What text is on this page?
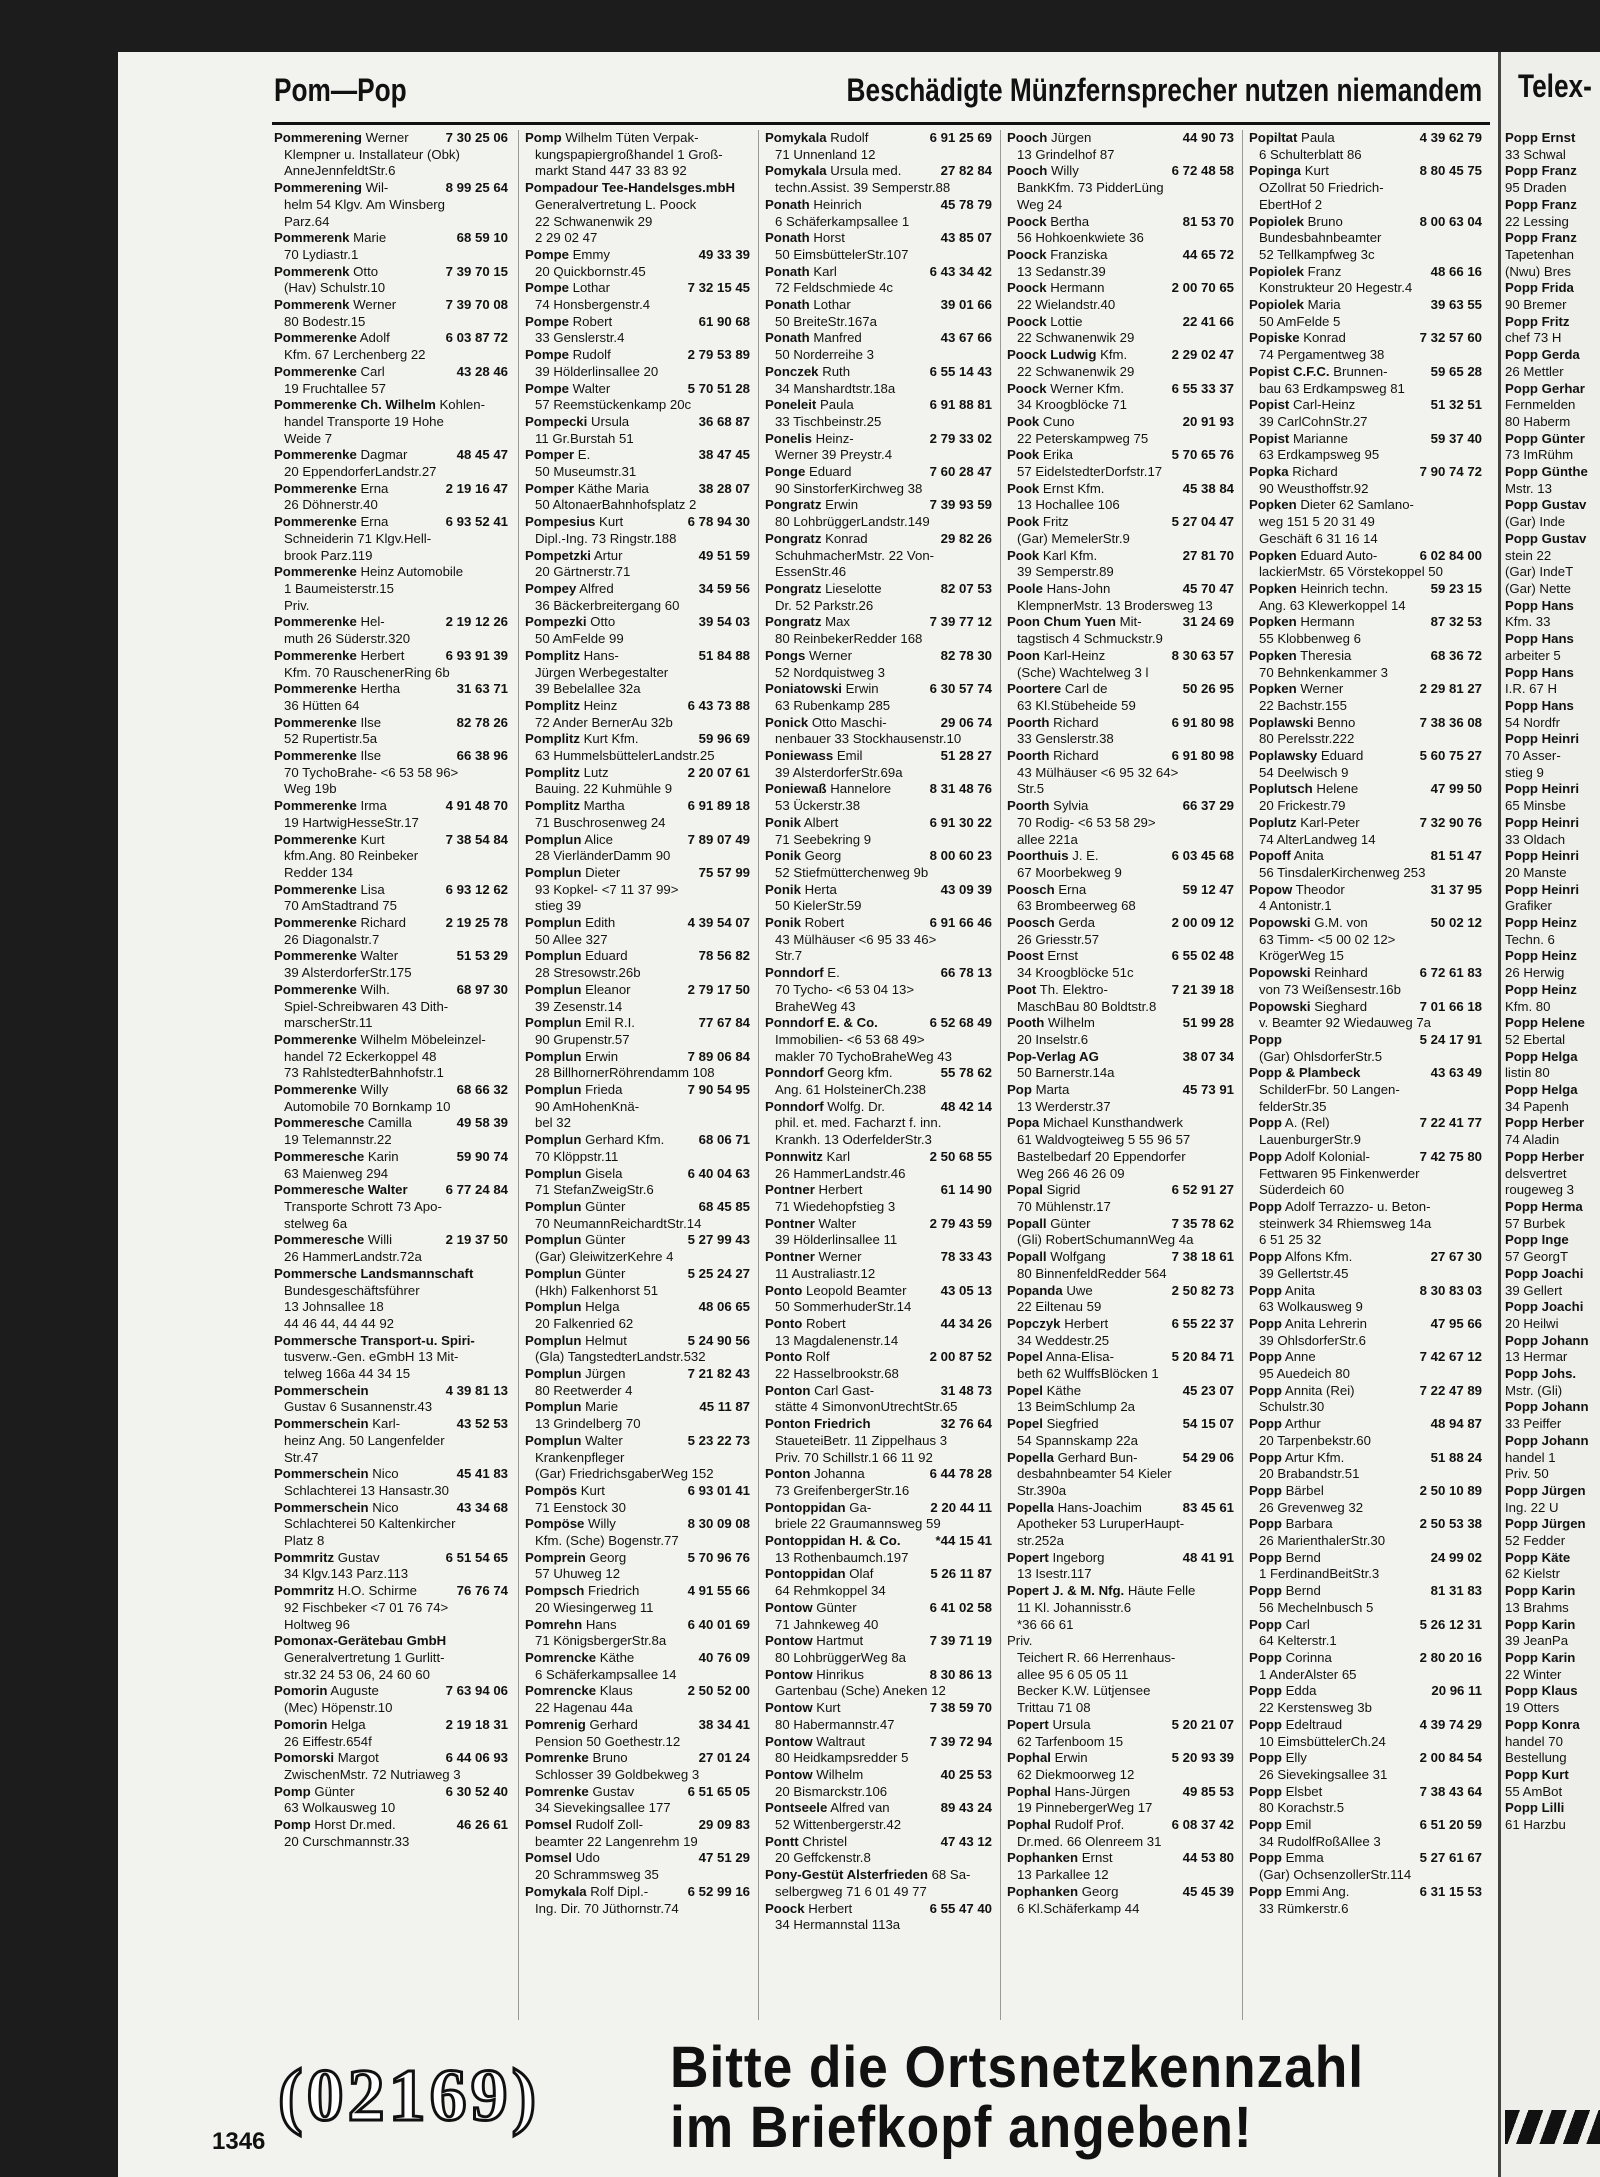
Pom—Pop	Beschädigte Münzfernsprecher nutzen niemandem Telex-
Pommerening Werner	7 30 25 06
Klempner u. Installateur (Obk)
AnneJennfeldtStr.6
Pommerening Wil-	8 99 25 64
helm 54 Klgv. Am Winsberg
Parz.64
Pommerenk Marie	68 59 10
70 Lydiastr.1
Pommerenk Otto	7 39 70 15
(Hav) Schulstr.10
Pommerenk Werner	7 39 70 08
80 Bodestr.15
Pommerenke Adolf	6 03 87 72
Kfm. 67 Lerchenberg 22
Pommerenke Carl	43 28 46
19 Fruchtallee 57
Pommerenke Ch. Wilhelm Kohlen-
handel Transporte 19 Hohe
Weide 7
Pommerenke Dagmar	48 45 47
20 EppendorferLandstr.27
Pommerenke Erna	2 19 16 47
26 Döhnerstr.40
Pommerenke Erna	6 93 52 41
Schneiderin 71 Klgv.Hell-
brook Parz.119
Pommerenke Heinz Automobile
1 Baumeisterstr.15
Priv.
Pommerenke Hel-	2 19 12 26
muth 26 Süderstr.320
Pommerenke Herbert	6 93 91 39
Kfm. 70 RauschenerRing 6b
Pommerenke Hertha	31 63 71
36 Hütten 64
Pommerenke Ilse	82 78 26
52 Rupertistr.5a
Pommerenke Ilse	66 38 96
70 TychoBrahe- <6 53 58 96>
Weg 19b
Pommerenke Irma	4 91 48 70
19 HartwigHesseStr.17
Pommerenke Kurt	7 38 54 84
kfm.Ang. 80 Reinbeker
Redder 134
Pommerenke Lisa	6 93 12 62
70 AmStadtrand 75
Pommerenke Richard	2 19 25 78
26 Diagonalstr.7
Pommerenke Walter	51 53 29
39 AlsterdorferStr.175
Pommerenke Wilh.	68 97 30
Spiel-Schreibwaren 43 Dith-
marscherStr.11
Pommerenke Wilhelm Möbeleinzel-
handel 72 Eckerkoppel 48
73 RahlstedterBahnhofstr.1
Pommerenke Willy	68 66 32
Automobile 70 Bornkamp 10
Pommeresche Camilla	49 58 39
19 Telemannstr.22
Pommeresche Karin	59 90 74
63 Maienweg 294
Pommeresche Walter	6 77 24 84
Transporte Schrott 73 Apo-
stelweg 6a
Pommeresche Willi	2 19 37 50
26 HammerLandstr.72a
Pommersche Landsmannschaft
Bundesgeschäftsführer
13 Johnsallee 18
44 46 44, 44 44 92
Pommersche Transport-u. Spiri-
tusverw.-Gen. eGmbH 13 Mit-
telweg 166a 44 34 15
Pommerschein	4 39 81 13
Gustav 6 Susannenstr.43
Pommerschein Karl-	43 52 53
heinz Ang. 50 Langenfelder
Str.47
Pommerschein Nico	45 41 83
Schlachterei 13 Hansastr.30
Pommerschein Nico	43 34 68
Schlachterei 50 Kaltenkircher
Platz 8
Pommritz Gustav	6 51 54 65
34 Klgv.143 Parz.113
Pommritz H.O. Schirme	76 76 74
92 Fischbeker <7 01 76 74>
Holtweg 96
Pomonax-Gerätebau GmbH
Generalvertretung 1 Gurlitt-
str.32 24 53 06, 24 60 60
Pomorin Auguste	7 63 94 06
(Mec) Höpenstr.10
Pomorin Helga	2 19 18 31
26 Eiffestr.654f
Pomorski Margot	6 44 06 93
ZwischenMstr. 72 Nutriaweg 3
Pomp Günter	6 30 52 40
63 Wolkausweg 10
Pomp Horst Dr.med.	46 26 61
20 Curschmannstr.33
Pomp Wilhelm Tüten Verpak-
kungspapiergroßhandel 1 Groß-
markt Stand 447 33 83 92
Pompadour Tee-Handelsges.mbH
Generalvertretung L. Poock
22 Schwanenwik 29
2 29 02 47
Pompe Emmy	49 33 39
20 Quickbornstr.45
Pompe Lothar	7 32 15 45
74 Honsbergenstr.4
Pompe Robert	61 90 68
33 Genslerstr.4
Pompe Rudolf	2 79 53 89
39 Hölderlinsallee 20
Pompe Walter	5 70 51 28
57 Reemstückenkamp 20c
Pompecki Ursula	36 68 87
11 Gr.Burstah 51
Pomper E.	38 47 45
50 Museumstr.31
Pomper Käthe Maria	38 28 07
50 AltonaerBahnhofsplatz 2
Pompesius Kurt	6 78 94 30
Dipl.-Ing. 73 Ringstr.188
Pompetzki Artur	49 51 59
20 Gärtnerstr.71
Pompey Alfred	34 59 56
36 Bäckerbreitergang 60
Pompezki Otto	39 54 03
50 AmFelde 99
Pomplitz Hans-	51 84 88
Jürgen Werbegestalter
39 Bebelallee 32a
Pomplitz Heinz	6 43 73 88
72 Ander BernerAu 32b
Pomplitz Kurt Kfm.	59 96 69
63 HummelsbüttelerLandstr.25
Pomplitz Lutz	2 20 07 61
Bauing. 22 Kuhmühle 9
Pomplitz Martha	6 91 89 18
71 Buschrosenweg 24
Pomplun Alice	7 89 07 49
28 VierländerDamm 90
Pomplun Dieter	75 57 99
93 Kopkel- <7 11 37 99>
stieg 39
Pomplun Edith	4 39 54 07
50 Allee 327
Pomplun Eduard	78 56 82
28 Stresowstr.26b
Pomplun Eleanor	2 79 17 50
39 Zesenstr.14
Pomplun Emil R.I.	77 67 84
90 Grupenstr.57
Pomplun Erwin	7 89 06 84
28 BillhornerRöhrendamm 108
Pomplun Frieda	7 90 54 95
90 AmHohenKnä-
bel 32
Pomplun Gerhard Kfm.	68 06 71
70 Klöppstr.11
Pomplun Gisela	6 40 04 63
71 StefanZweigStr.6
Pomplun Günter	68 45 85
70 NeumannReichardtStr.14
Pomplun Günter	5 27 99 43
(Gar) GleiwitzerKehre 4
Pomplun Günter	5 25 24 27
(Hkh) Falkenhorst 51
Pomplun Helga	48 06 65
20 Falkenried 62
Pomplun Helmut	5 24 90 56
(Gla) TangstedterLandstr.532
Pomplun Jürgen	7 21 82 43
80 Reetwerder 4
Pomplun Marie	45 11 87
13 Grindelberg 70
Pomplun Walter	5 23 22 73
Krankenpfleger
(Gar) FriedrichsgaberWeg 152
Pompös Kurt	6 93 01 41
71 Eenstock 30
Pompöse Willy	8 30 09 08
Kfm. (Sche) Bogenstr.77
Pomprein Georg	5 70 96 76
57 Uhuweg 12
Pompsch Friedrich	4 91 55 66
20 Wiesingerweg 11
Pomrehn Hans	6 40 01 69
71 KönigsbergerStr.8a
Pomrencke Käthe	40 76 09
6 Schäferkampsallee 14
Pomrencke Klaus	2 50 52 00
22 Hagenau 44a
Pomrenig Gerhard	38 34 41
Pension 50 Goethestr.12
Pomrenke Bruno	27 01 24
Schlosser 39 Goldbekweg 3
Pomrenke Gustav	6 51 65 05
34 Sievekingsallee 177
Pomsel Rudolf Zoll-	29 09 83
beamter 22 Langenrehm 19
Pomsel Udo	47 51 29
20 Schrammsweg 35
Pomykala Rolf Dipl.-	6 52 99 16
Ing. Dir. 70 Jüthornstr.74
Pomykala Rudolf	6 91 25 69
71 Unnenland 12
Pomykala Ursula med.	27 82 84
techn.Assist. 39 Semperstr.88
Ponath Heinrich	45 78 79
6 Schäferkampsallee 1
Ponath Horst	43 85 07
50 EimsbüttelerStr.107
Ponath Karl	6 43 34 42
72 Feldschmiede 4c
Ponath Lothar	39 01 66
50 BreiteStr.167a
Ponath Manfred	43 67 66
50 Norderreihe 3
Ponczek Ruth	6 55 14 43
34 Manshardtstr.18a
Poneleit Paula	6 91 88 81
33 Tischbeinstr.25
Ponelis Heinz-	2 79 33 02
Werner 39 Preystr.4
Ponge Eduard	7 60 28 47
90 SinstorferKirchweg 38
Pongratz Erwin	7 39 93 59
80 LohbrüggerLandstr.149
Pongratz Konrad	29 82 26
SchuhmacherMstr. 22 Von-
EssenStr.46
Pongratz Lieselotte	82 07 53
Dr. 52 Parkstr.26
Pongratz Max	7 39 77 12
80 ReinbekerRedder 168
Pongs Werner	82 78 30
52 Nordquistweg 3
Poniatowski Erwin	6 30 57 74
63 Rubenkamp 285
Ponick Otto Maschi-	29 06 74
nenbauer 33 Stockhausenstr.10
Poniewass Emil	51 28 27
39 AlsterdorferStr.69a
Poniewaß Hannelore	8 31 48 76
53 Ückerstr.38
Ponik Albert	6 91 30 22
71 Seebekring 9
Ponik Georg	8 00 60 23
52 Stiefmütterchenweg 9b
Ponik Herta	43 09 39
50 KielerStr.59
Ponik Robert	6 91 66 46
43 Mülhäuser <6 95 33 46>
Str.7
Ponndorf E.	66 78 13
70 Tycho- <6 53 04 13>
BraheWeg 43
Ponndorf E. & Co.	6 52 68 49
Immobilien- <6 53 68 49>
makler 70 TychoBraheWeg 43
Ponndorf Georg kfm.	55 78 62
Ang. 61 HolsteinerCh.238
Ponndorf Wolfg. Dr.	48 42 14
phil. et. med. Facharzt f. inn.
Krankh. 13 OderfelderStr.3
Ponnwitz Karl	2 50 68 55
26 HammerLandstr.46
Pontner Herbert	61 14 90
71 Wiedehopfstieg 3
Pontner Walter	2 79 43 59
39 Hölderlinsallee 11
Pontner Werner	78 33 43
11 Australiastr.12
Ponto Leopold Beamter	43 05 13
50 SommerhuderStr.14
Ponto Robert	44 34 26
13 Magdalenenstr.14
Ponto Rolf	2 00 87 52
22 Hasselbrookstr.68
Ponton Carl Gast-	31 48 73
stätte 4 SimonvonUtrechtStr.65
Ponton Friedrich	32 76 64
StaueteiBetr. 11 Zippelhaus 3
Priv. 70 Schillstr.1 66 11 92
Ponton Johanna	6 44 78 28
73 GreifenbergerStr.16
Pontoppidan Ga-	2 20 44 11
briele 22 Graumannsweg 59
Pontoppidan H. & Co.	*44 15 41
13 Rothenbaumch.197
Pontoppidan Olaf	5 26 11 87
64 Rehmkoppel 34
Pontow Günter	6 41 02 58
71 Jahnkeweg 40
Pontow Hartmut	7 39 71 19
80 LohbrüggerWeg 8a
Pontow Hinrikus	8 30 86 13
Gartenbau (Sche) Aneken 12
Pontow Kurt	7 38 59 70
80 Habermannstr.47
Pontow Waltraut	7 39 72 94
80 Heidkampsredder 5
Pontow Wilhelm	40 25 53
20 Bismarckstr.106
Pontseele Alfred van	89 43 24
52 Wittenbergerstr.42
Pontt Christel	47 43 12
20 Geffckenstr.8
Pony-Gestüt Alsterfrieden 68 Sa-
selbergweg 71 6 01 49 77
Poock Herbert	6 55 47 40
34 Hermannstal 113a
Pooch Jürgen	44 90 73
13 Grindelhof 87
Pooch Willy	6 72 48 58
BankKfm. 73 PidderLüng
Weg 24
Poock Bertha	81 53 70
56 Hohkoenkwiete 36
Poock Franziska	44 65 72
13 Sedanstr.39
Poock Hermann	2 00 70 65
22 Wielandstr.40
Poock Lottie	22 41 66
22 Schwanenwik 29
Poock Ludwig Kfm.	2 29 02 47
22 Schwanenwik 29
Poock Werner Kfm.	6 55 33 37
34 Kroogblöcke 71
Pook Cuno	20 91 93
22 Peterskampweg 75
Pook Erika	5 70 65 76
57 EidelstedterDorfstr.17
Pook Ernst Kfm.	45 38 84
13 Hochallee 106
Pook Fritz	5 27 04 47
(Gar) MemelerStr.9
Pook Karl Kfm.	27 81 70
39 Semperstr.89
Poole Hans-John	45 70 47
KlempnerMstr. 13 Brodersweg 13
Poon Chum Yuen Mit-	31 24 69
tagstisch 4 Schmuckstr.9
Poon Karl-Heinz	8 30 63 57
(Sche) Wachtelweg 3 l
Poortere Carl de	50 26 95
63 Kl.Stübeheide 59
Poorth Richard	6 91 80 98
33 Genslerstr.38
Poorth Richard	6 91 80 98
43 Mülhäuser <6 95 32 64>
Str.5
Poorth Sylvia	66 37 29
70 Rodig- <6 53 58 29>
allee 221a
Poorthuis J. E.	6 03 45 68
67 Moorbekweg 9
Poosch Erna	59 12 47
63 Brombeerweg 68
Poosch Gerda	2 00 09 12
26 Griesstr.57
Poost Ernst	6 55 02 48
34 Kroogblöcke 51c
Poot Th. Elektro-	7 21 39 18
MaschBau 80 Boldtstr.8
Pooth Wilhelm	51 99 28
20 Inselstr.6
Pop-Verlag AG	38 07 34
50 Barnerstr.14a
Pop Marta	45 73 91
13 Werderstr.37
Popa Michael Kunsthandwerk
61 Waldvogteiweg 5 55 96 57
Bastelbedarf 20 Eppendorfer
Weg 266 46 26 09
Popal Sigrid	6 52 91 27
70 Mühlenstr.17
Popall Günter	7 35 78 62
(Gli) RobertSchumannWeg 4a
Popall Wolfgang	7 38 18 61
80 BinnenfeldRedder 564
Popanda Uwe	2 50 82 73
22 Eiltenau 59
Popczyk Herbert	6 55 22 37
34 Weddestr.25
Popel Anna-Elisa-	5 20 84 71
beth 62 WulffsBlöcken 1
Popel Käthe	45 23 07
13 BeimSchlump 2a
Popel Siegfried	54 15 07
54 Spannskamp 22a
Popella Gerhard Bun-	54 29 06
desbahnbeamter 54 Kieler
Str.390a
Popella Hans-Joachim	83 45 61
Apotheker 53 LuruperHaupt-
str.252a
Popert Ingeborg	48 41 91
13 Isestr.117
Popert J. & M. Nfg. Häute Felle
11 Kl. Johannisstr.6
*36 66 61
Priv.
Teichert R. 66 Herrenhaus-
allee 95 6 05 05 11
Becker K.W. Lütjensee
Trittau 71 08
Popert Ursula	5 20 21 07
62 Tarfenboom 15
Pophal Erwin	5 20 93 39
62 Diekmoorweg 12
Pophal Hans-Jürgen	49 85 53
19 PinnebergerWeg 17
Pophal Rudolf Prof.	6 08 37 42
Dr.med. 66 Olenreem 31
Pophanken Ernst	44 53 80
13 Parkallee 12
Pophanken Georg	45 45 39
6 Kl.Schäferkamp 44
Popiltat Paula	4 39 62 79
6 Schulterblatt 86
Popinga Kurt	8 80 45 75
OZollrat 50 Friedrich-
EbertHof 2
Popiolek Bruno	8 00 63 04
Bundesbahnbeamter
52 Tellkampfweg 3c
Popiolek Franz	48 66 16
Konstrukteur 20 Hegestr.4
Popiolek Maria	39 63 55
50 AmFelde 5
Popiske Konrad	7 32 57 60
74 Pergamentweg 38
Popist C.F.C. Brunnen-	59 65 28
bau 63 Erdkampsweg 81
Popist Carl-Heinz	51 32 51
39 CarlCohnStr.27
Popist Marianne	59 37 40
63 Erdkampsweg 95
Popka Richard	7 90 74 72
90 Weusthoffstr.92
Popken Dieter 62 Samlano-
weg 151 5 20 31 49
Geschäft 6 31 16 14
Popken Eduard Auto-	6 02 84 00
lackierMstr. 65 Vörstekoppel 50
Popken Heinrich techn.	59 23 15
Ang. 63 Klewerkoppel 14
Popken Hermann	87 32 53
55 Klobbenweg 6
Popken Theresia	68 36 72
70 Behnkenkammer 3
Popken Werner	2 29 81 27
22 Bachstr.155
Poplawski Benno	7 38 36 08
80 Perelsstr.222
Poplawsky Eduard	5 60 75 27
54 Deelwisch 9
Poplutsch Helene	47 99 50
20 Frickestr.79
Poplutz Karl-Peter	7 32 90 76
74 AlterLandweg 14
Popoff Anita	81 51 47
56 TinsdalerKirchenweg 253
Popow Theodor	31 37 95
4 Antonistr.1
Popowski G.M. von	50 02 12
63 Timm- <5 00 02 12>
KrögerWeg 15
Popowski Reinhard	6 72 61 83
von 73 Weißensestr.16b
Popowski Sieghard	7 01 66 18
v. Beamter 92 Wiedauweg 7a
Popp	5 24 17 91
(Gar) OhlsdorferStr.5
Popp & Plambeck	43 63 49
SchilderFbr. 50 Langen-
felderStr.35
Popp A. (Rel)	7 22 41 77
LauenburgerStr.9
Popp Adolf Kolonial-	7 42 75 80
Fettwaren 95 Finkenwerder
Süderdeich 60
Popp Adolf Terrazzo- u. Beton-
steinwerk 34 Rhiemsweg 14a
6 51 25 32
Popp Alfons Kfm.	27 67 30
39 Gellertstr.45
Popp Anita	8 30 83 03
63 Wolkausweg 9
Popp Anita Lehrerin	47 95 66
39 OhlsdorferStr.6
Popp Anne	7 42 67 12
95 Auedeich 80
Popp Annita (Rei)	7 22 47 89
Schulstr.30
Popp Arthur	48 94 87
20 Tarpenbekstr.60
Popp Artur Kfm.	51 88 24
20 Brabandstr.51
Popp Bärbel	2 50 10 89
26 Grevenweg 32
Popp Barbara	2 50 53 38
26 MarienthalerStr.30
Popp Bernd	24 99 02
1 FerdinandBeitStr.3
Popp Bernd	81 31 83
56 Mechelnbusch 5
Popp Carl	5 26 12 31
64 Kelterstr.1
Popp Corinna	2 80 20 16
1 AnderAlster 65
Popp Edda	20 96 11
22 Kerstensweg 3b
Popp Edeltraud	4 39 74 29
10 EimsbüttelerCh.24
Popp Elly	2 00 84 54
26 Sievekingsallee 31
Popp Elsbet	7 38 43 64
80 Korachstr.5
Popp Emil	6 51 20 59
34 RudolfRoßAllee 3
Popp Emma	5 27 61 67
(Gar) OchsenzollerStr.114
Popp Emmi Ang.	6 31 15 53
33 Rümkerstr.6
Popp Ernst
33 Schwal
Popp Franz
95 Draden
Popp Franz
22 Lessing
Popp Franz
Tapetenhan
(Nwu) Bres
Popp Frida
90 Bremer
Popp Fritz
chef 73 H
Popp Gerda
26 Mettler
Popp Gerhar
Fernmelden
80 Haberm
Popp Günter
73 ImRühm
Popp Günthe
Mstr. 13
Popp Gustav
(Gar) Inde
Popp Gustav
stein 22
(Gar) IndeT
(Gar) Nette
Popp Hans
Kfm. 33
Popp Hans
arbeiter 5
Popp Hans
I.R. 67 H
Popp Hans
54 Nordfr
Popp Heinri
70 Asser-
stieg 9
Popp Heinri
65 Minsbe
Popp Heinri
33 Oldach
Popp Heinri
20 Manste
Popp Heinri
Grafiker
Popp Heinz
Techn. 6
Popp Heinz
26 Herwig
Popp Heinz
Kfm. 80
Popp Helene
52 Ebertal
Popp Helga
listin 80
Popp Helga
34 Papenh
Popp Herber
74 Aladin
Popp Herber
delsvertret
rougeweg 3
Popp Herma
57 Burbek
Popp Inge
57 GeorgT
Popp Joachi
39 Gellert
Popp Joachi
20 Heilwi
Popp Johann
13 Hermar
Popp Johs.
Mstr. (Gli)
Popp Johann
33 Peiffer
Popp Johann
handel 1
Priv. 50
Popp Jürgen
Ing. 22 U
Popp Jürgen
52 Fedder
Popp Käte
62 Kielstr
Popp Karin
13 Brahms
Popp Karin
39 JeanPa
Popp Karin
22 Winter
Popp Klaus
19 Otters
Popp Konra
handel 70
Bestellung
Popp Kurt
55 AmBot
Popp Lilli
61 Harzbu
(02169) Bitte die Ortsnetzkennzahl
im Briefkopf angeben!
1346
